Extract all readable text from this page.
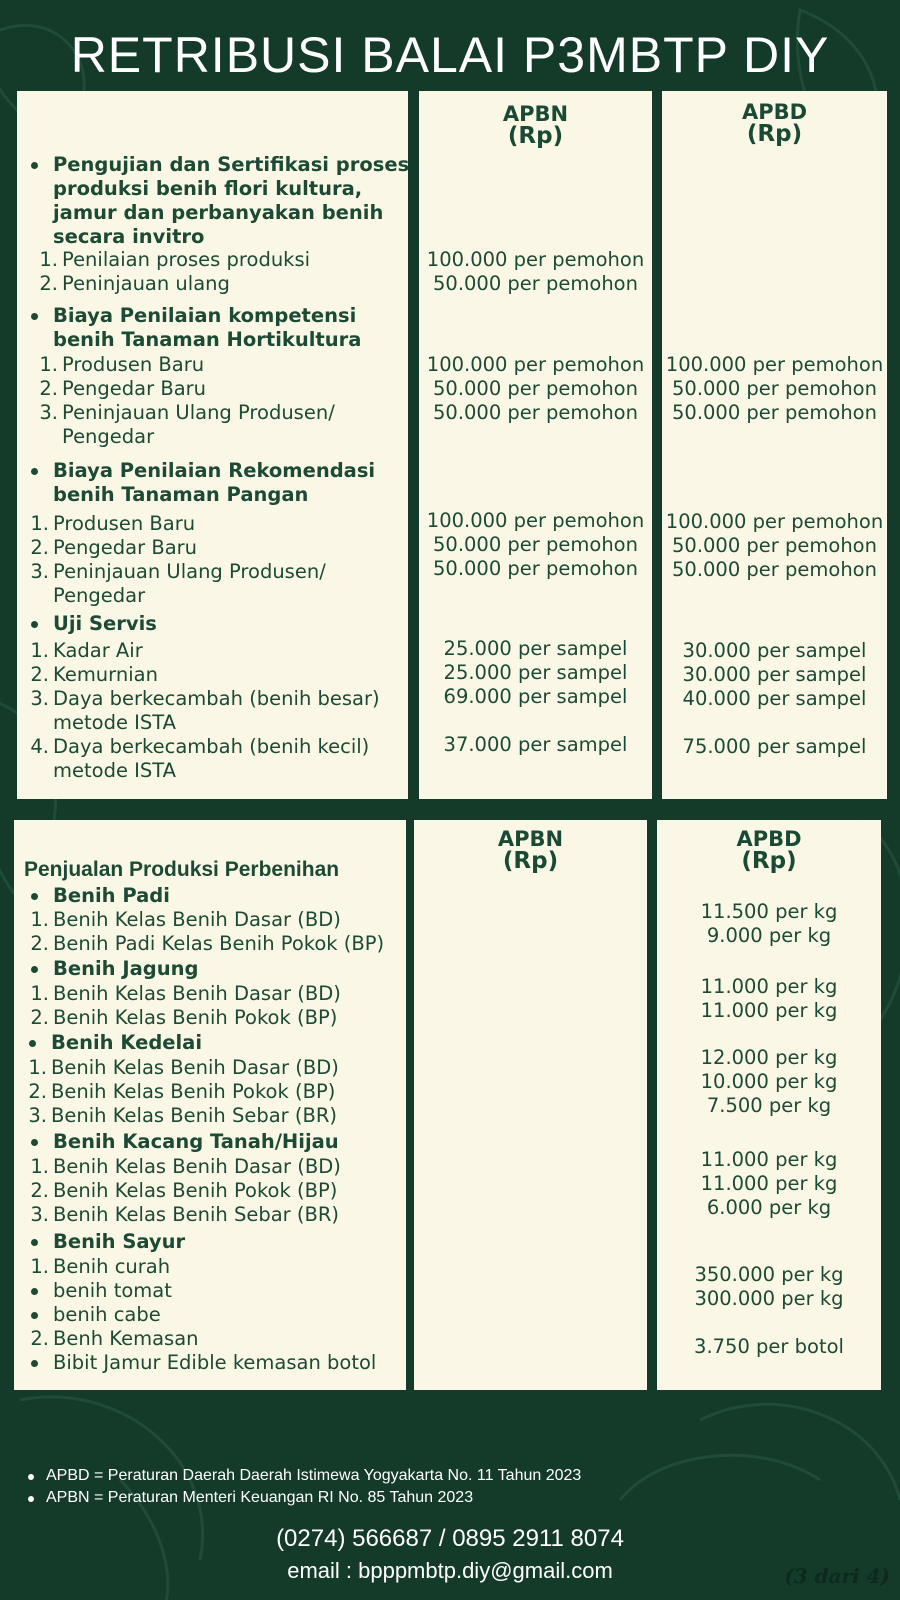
RETRIBUSI BALAI P3MBTP DIY
Pengujian dan Sertifikasi proses
produksi benih flori kultura,
jamur dan perbanyakan benih
secara invitro
1. Penilaian proses produksi
2. Peninjauan ulang
Biaya Penilaian kompetensi
benih Tanaman Hortikultura
1. Produsen Baru
2. Pengedar Baru
3. Peninjauan Ulang Produsen/
Pengedar
Biaya Penilaian Rekomendasi
benih Tanaman Pangan
1. Produsen Baru
2. Pengedar Baru
3. Peninjauan Ulang Produsen/
Pengedar
Uji Servis
1. Kadar Air
2. Kemurnian
3. Daya berkecambah (benih besar)
metode ISTA
4. Daya berkecambah (benih kecil)
metode ISTA
APBN
(Rp)
100.000 per pemohon
50.000 per pemohon
100.000 per pemohon
50.000 per pemohon
50.000 per pemohon
100.000 per pemohon
50.000 per pemohon
50.000 per pemohon
25.000 per sampel
25.000 per sampel
69.000 per sampel
37.000 per sampel
APBD
(Rp)
100.000 per pemohon
50.000 per pemohon
50.000 per pemohon
100.000 per pemohon
50.000 per pemohon
50.000 per pemohon
30.000 per sampel
30.000 per sampel
40.000 per sampel
75.000 per sampel
Penjualan Produksi Perbenihan
Benih Padi
1. Benih Kelas Benih Dasar (BD)
2. Benih Padi Kelas Benih Pokok (BP)
Benih Jagung
1. Benih Kelas Benih Dasar (BD)
2. Benih Kelas Benih Pokok (BP)
Benih Kedelai
1. Benih Kelas Benih Dasar (BD)
2. Benih Kelas Benih Pokok (BP)
3. Benih Kelas Benih Sebar (BR)
Benih Kacang Tanah/Hijau
1. Benih Kelas Benih Dasar (BD)
2. Benih Kelas Benih Pokok (BP)
3. Benih Kelas Benih Sebar (BR)
Benih Sayur
1. Benih curah
benih tomat
benih cabe
2. Benh Kemasan
Bibit Jamur Edible kemasan botol
APBN
(Rp)
APBD
(Rp)
11.500 per kg
9.000 per kg
11.000 per kg
11.000 per kg
12.000 per kg
10.000 per kg
7.500 per kg
11.000 per kg
11.000 per kg
6.000 per kg
350.000 per kg
300.000 per kg
3.750 per botol
APBD = Peraturan Daerah Daerah Istimewa Yogyakarta No. 11 Tahun 2023
APBN = Peraturan Menteri Keuangan RI No. 85 Tahun 2023
(0274) 566687 / 0895 2911 8074
email : bpppmbtp.diy@gmail.com	(3 dari 4)
